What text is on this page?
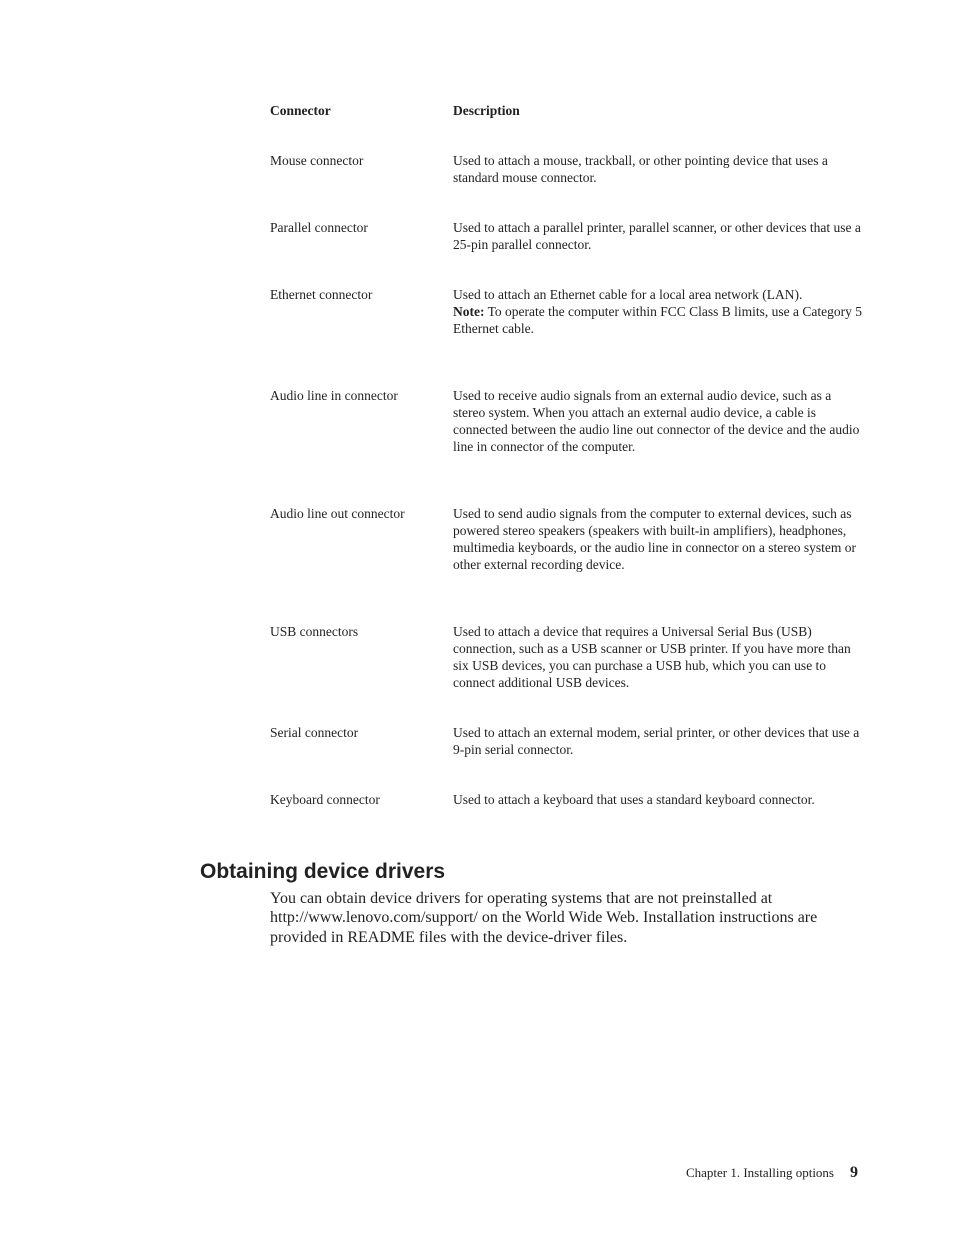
Connector	Description
Mouse connector	Used to attach a mouse, trackball, or other pointing device that uses a standard mouse connector.
Parallel connector	Used to attach a parallel printer, parallel scanner, or other devices that use a 25-pin parallel connector.
Ethernet connector	Used to attach an Ethernet cable for a local area network (LAN).
Note: To operate the computer within FCC Class B limits, use a Category 5 Ethernet cable.
Audio line in connector	Used to receive audio signals from an external audio device, such as a stereo system. When you attach an external audio device, a cable is connected between the audio line out connector of the device and the audio line in connector of the computer.
Audio line out connector	Used to send audio signals from the computer to external devices, such as powered stereo speakers (speakers with built-in amplifiers), headphones, multimedia keyboards, or the audio line in connector on a stereo system or other external recording device.
USB connectors	Used to attach a device that requires a Universal Serial Bus (USB) connection, such as a USB scanner or USB printer. If you have more than six USB devices, you can purchase a USB hub, which you can use to connect additional USB devices.
Serial connector	Used to attach an external modem, serial printer, or other devices that use a 9-pin serial connector.
Keyboard connector	Used to attach a keyboard that uses a standard keyboard connector.
Obtaining device drivers

You can obtain device drivers for operating systems that are not preinstalled at http://www.lenovo.com/support/ on the World Wide Web. Installation instructions are provided in README files with the device-driver files.

Chapter 1. Installing options 9
